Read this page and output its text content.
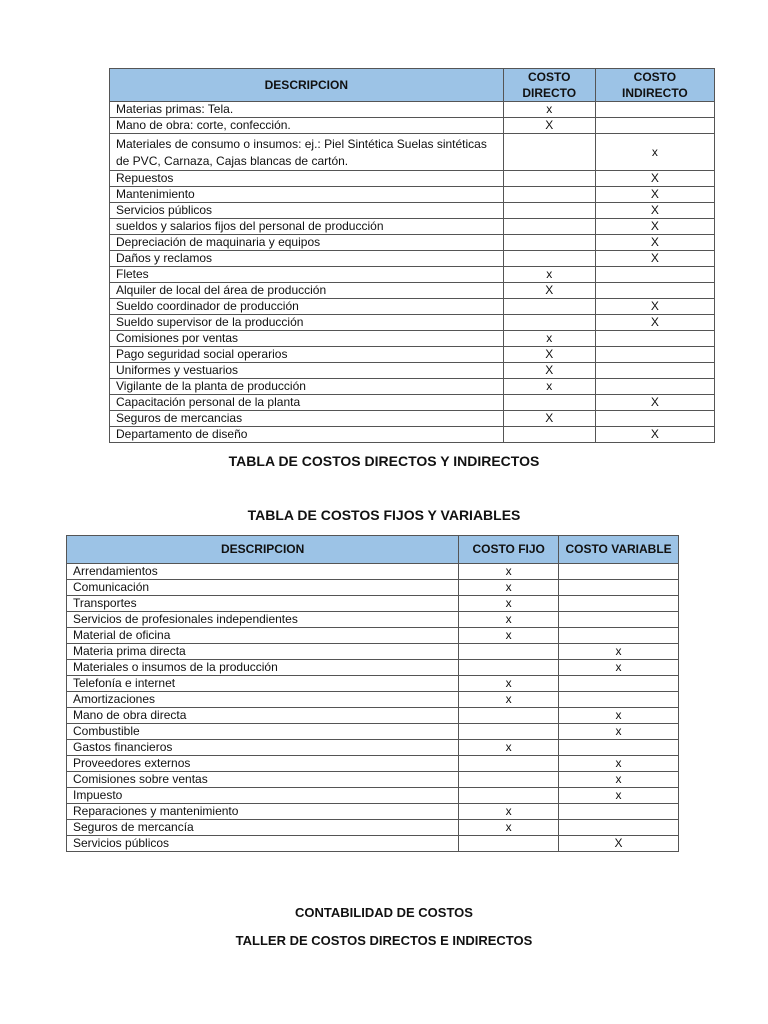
DESCRIPCION	COSTO DIRECTO	COSTO INDIRECTO
Materias primas: Tela.	x	
Mano de obra: corte, confección.	X	
Materiales de consumo o insumos: ej.: Piel Sintética Suelas sintéticas de PVC, Carnaza, Cajas blancas de cartón.		x
Repuestos		X
Mantenimiento		X
Servicios públicos		X
sueldos y salarios fijos del personal de producción		X
Depreciación de maquinaria y equipos		X
Daños y reclamos		X
Fletes	x	
Alquiler de local del área de producción	X	
Sueldo coordinador de producción		X
Sueldo supervisor de la producción		X
Comisiones por ventas	x	
Pago seguridad social operarios	X	
Uniformes y vestuarios	X	
Vigilante de la planta de producción	x	
Capacitación personal de la planta		X
Seguros de mercancias	X	
Departamento de diseño		X
TABLA DE COSTOS DIRECTOS Y INDIRECTOS
TABLA DE COSTOS FIJOS Y VARIABLES
DESCRIPCION	COSTO FIJO	COSTO VARIABLE
Arrendamientos	x	
Comunicación	x	
Transportes	x	
Servicios de profesionales independientes	x	
Material de oficina	x	
Materia prima directa		x
Materiales o insumos de la producción		x
Telefonía e internet	x	
Amortizaciones	x	
Mano de obra directa		x
Combustible		x
Gastos financieros	x	
Proveedores externos		x
Comisiones sobre ventas		x
Impuesto		x
Reparaciones y mantenimiento	x	
Seguros de mercancía	x	
Servicios públicos		X
CONTABILIDAD DE COSTOS
TALLER DE COSTOS DIRECTOS E INDIRECTOS
